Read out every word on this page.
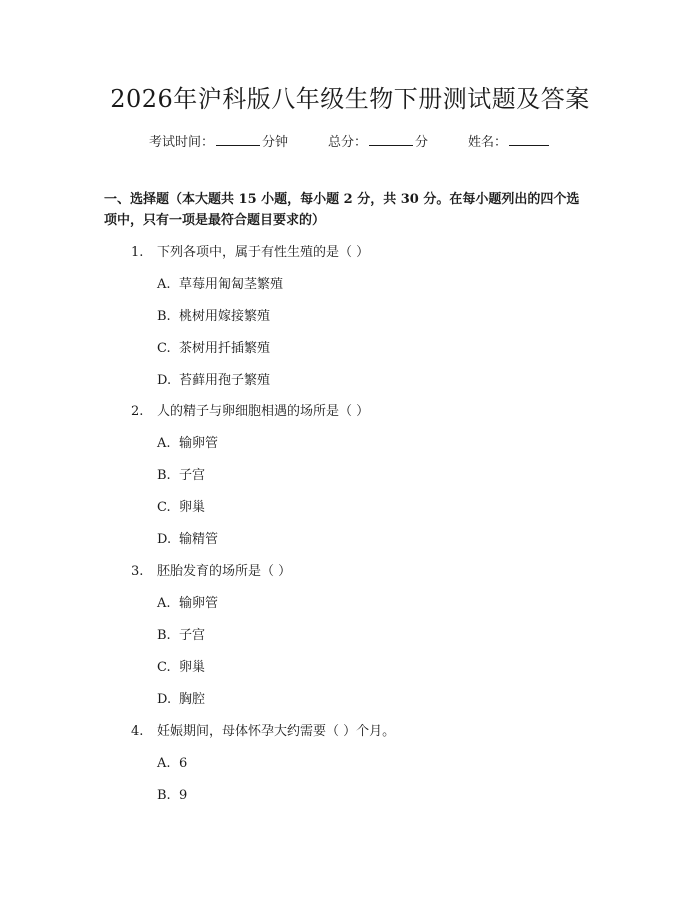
2026年沪科版八年级生物下册测试题及答案
考试时间：	分钟	总分：	分	姓名：
一、选择题（本大题共 15 小题，每小题 2 分，共 30 分。在每小题列出的四个选
项中，只有一项是最符合题目要求的）
1. 下列各项中，属于有性生殖的是（ ）
A. 草莓用匍匐茎繁殖
B. 桃树用嫁接繁殖
C. 茶树用扦插繁殖
D. 苔藓用孢子繁殖
2. 人的精子与卵细胞相遇的场所是（ ）
A. 输卵管
B. 子宫
C. 卵巢
D. 输精管
3. 胚胎发育的场所是（ ）
A. 输卵管
B. 子宫
C. 卵巢
D. 胸腔
4. 妊娠期间，母体怀孕大约需要（ ）个月。
A. 6
B. 9
